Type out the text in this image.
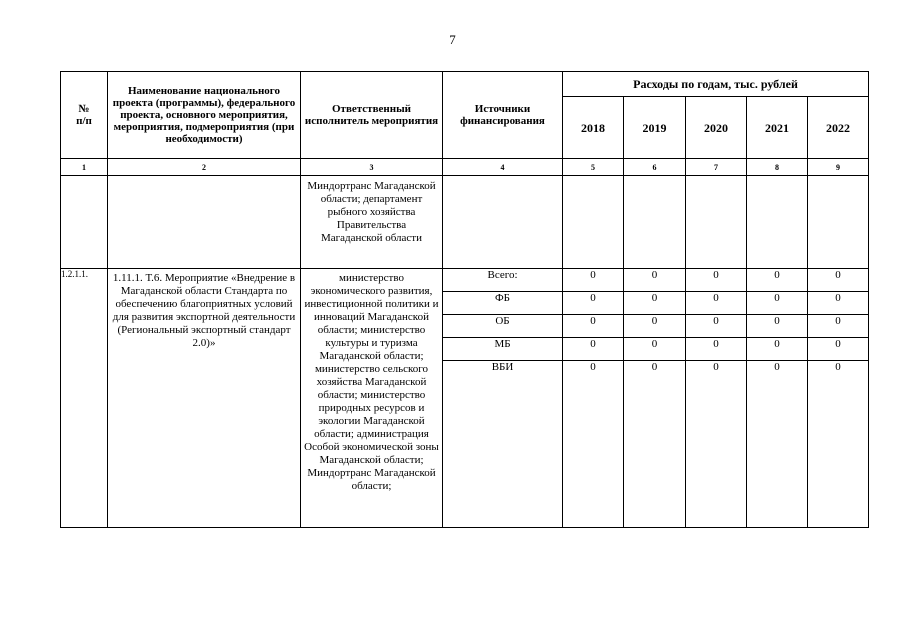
7
№
п/п	Наименование национального проекта (программы), федерального проекта, основного мероприятия, мероприятия, подмероприятия (при необходимости)	Ответственный исполнитель мероприятия	Источники финансирования	Расходы по годам, тыс. рублей				
				2018	2019	2020	2021	2022
1	2	3	4	5	6	7	8	9
		Миндортранс Магаданской области; департамент рыбного хозяйства Правительства Магаданской области						
1.2.1.1.	1.11.1. Т.6. Мероприятие «Внедрение в Магаданской области Стандарта по обеспечению благоприятных условий для развития экспортной деятельности (Региональный экспортный стандарт 2.0)»	министерство экономического развития, инвестиционной политики и инноваций Магаданской области; министерство культуры и туризма Магаданской области; министерство сельского хозяйства Магаданской области; министерство природных ресурсов и экологии Магаданской области; администрация Особой экономической зоны Магаданской области; Миндортранс Магаданской области;	Всего:	0	0	0	0	0
			ФБ	0	0	0	0	0
			ОБ	0	0	0	0	0
			МБ	0	0	0	0	0
			ВБИ	0	0	0	0	0
